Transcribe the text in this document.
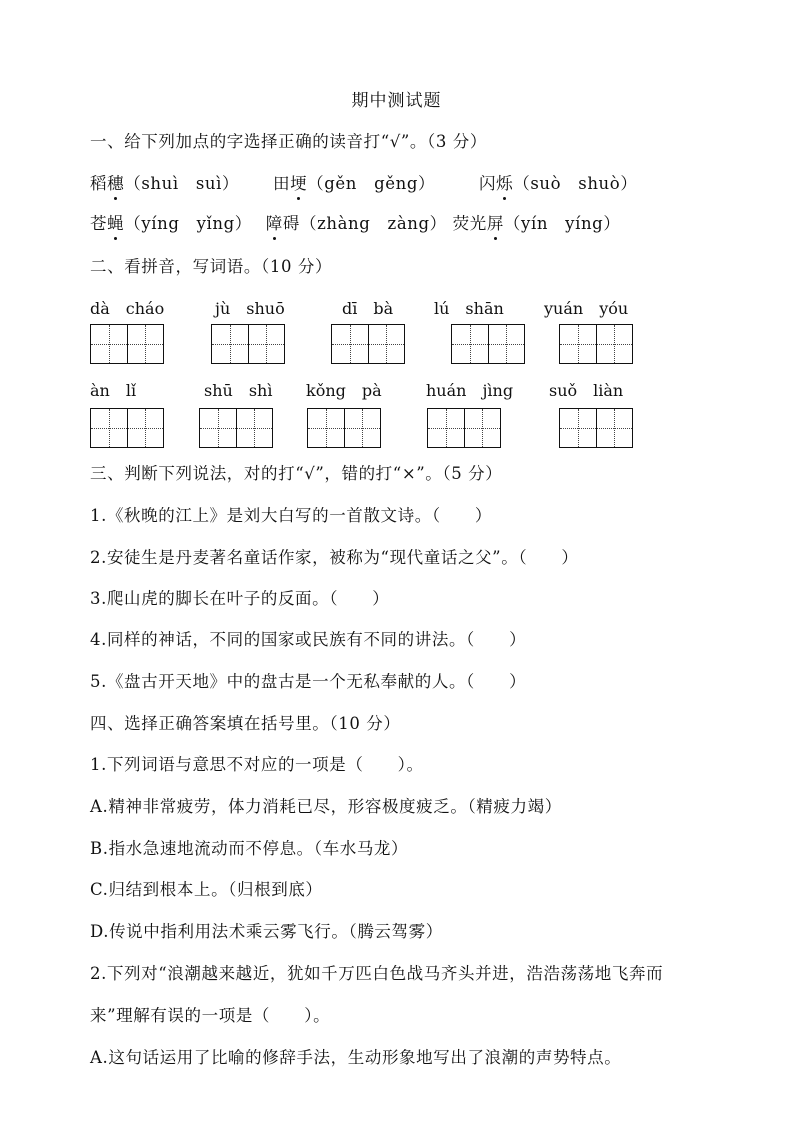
期中测试题
一、给下列加点的字选择正确的读音打“√”。（3 分）
稻穗（shuì　suì） 田埂（gěn　gěng）	闪烁（suò　shuò）
苍蝇（yíng　yǐng） 障碍（zhàng　zàng） 荧光屏（yín　yíng）
二、看拼音，写词语。（10 分）
dà　cháo	jù　shuō	dī　bà	lú　shān	yuán　yóu
àn　lǐ	shū　shì kǒng　pà	huán　jìng suǒ　liàn
三、判断下列说法，对的打“√”，错的打“×”。（5 分）
1.《秋晚的江上》是刘大白写的一首散文诗。（　　）
2.安徒生是丹麦著名童话作家，被称为“现代童话之父”。（　　）
3.爬山虎的脚长在叶子的反面。（　　）
4.同样的神话，不同的国家或民族有不同的讲法。（　　）
5.《盘古开天地》中的盘古是一个无私奉献的人。（　　）
四、选择正确答案填在括号里。（10 分）
1.下列词语与意思不对应的一项是（　　）。
A.精神非常疲劳，体力消耗已尽，形容极度疲乏。（精疲力竭）
B.指水急速地流动而不停息。（车水马龙）
C.归结到根本上。（归根到底）
D.传说中指利用法术乘云雾飞行。（腾云驾雾）
2.下列对“浪潮越来越近，犹如千万匹白色战马齐头并进，浩浩荡荡地飞奔而
来”理解有误的一项是（　　）。
A.这句话运用了比喻的修辞手法，生动形象地写出了浪潮的声势特点。
